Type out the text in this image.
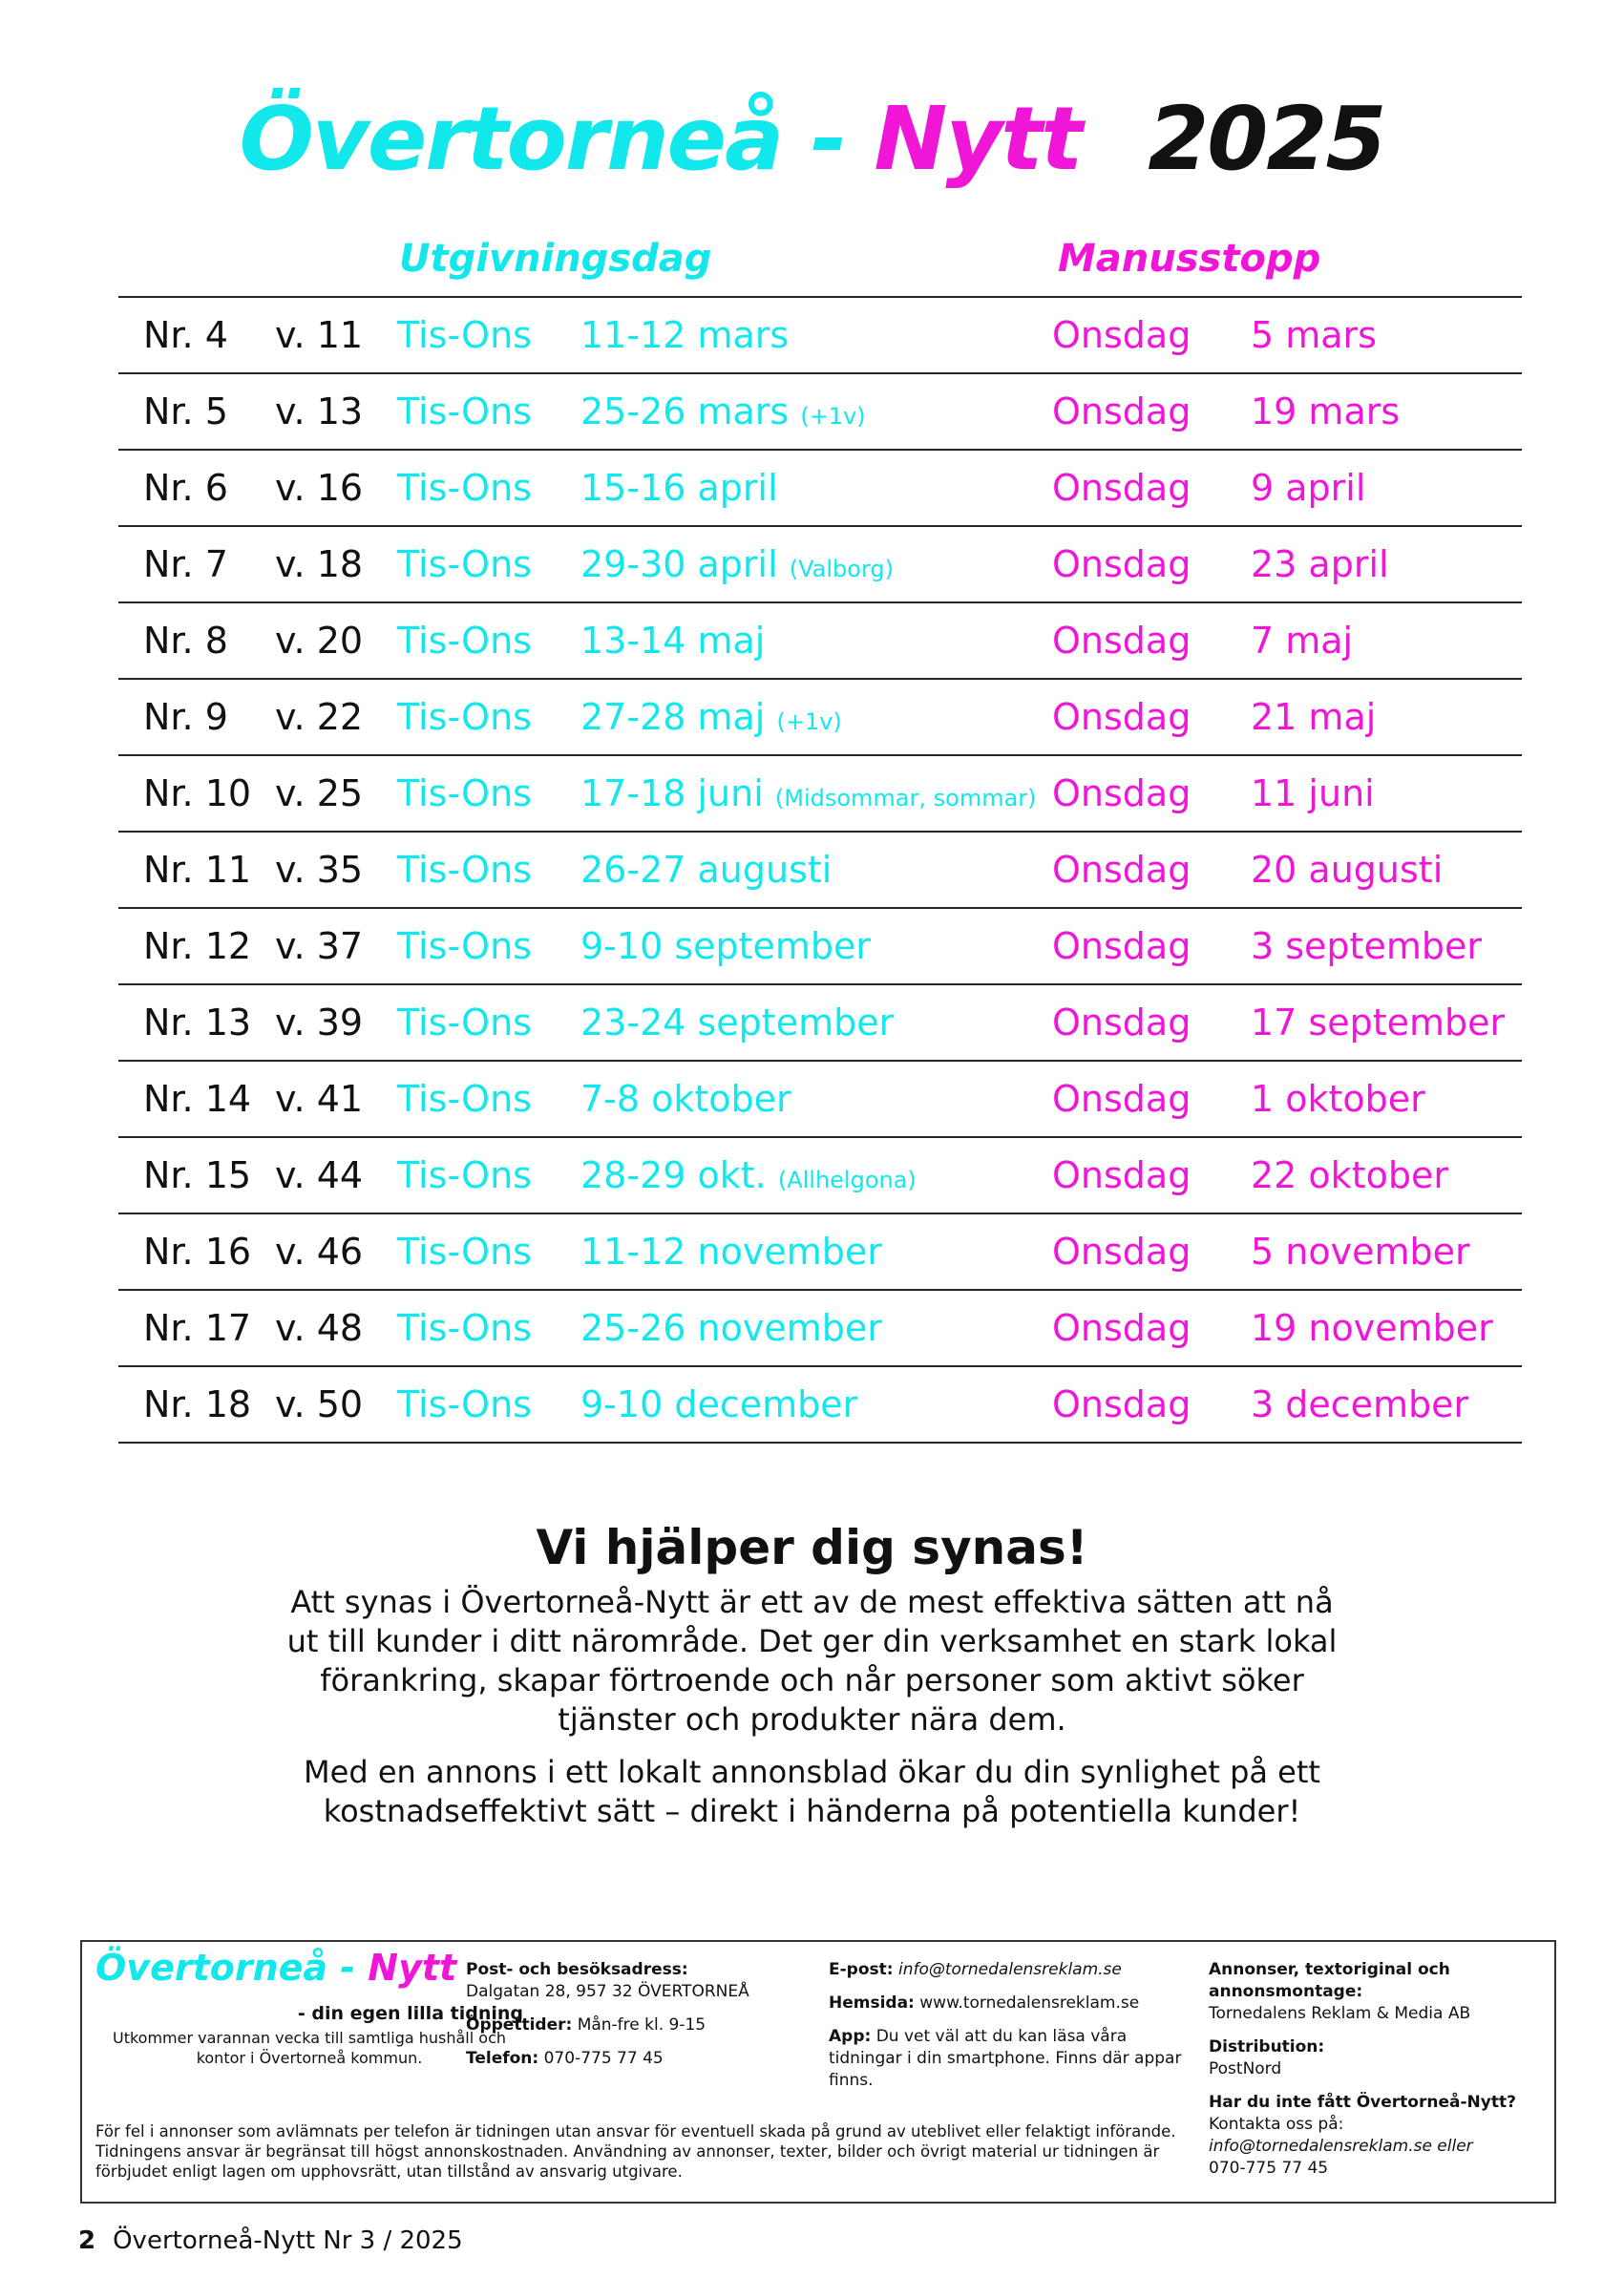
Övertorneå - Nytt 2025
Utgivningsdag	Manusstopp
Nr. 4 v. 11 Tis-Ons 11-12 mars	Onsdag 5 mars
Nr. 5 v. 13 Tis-Ons 25-26 mars (+1v)	Onsdag 19 mars
Nr. 6 v. 16 Tis-Ons 15-16 april	Onsdag 9 april
Nr. 7 v. 18 Tis-Ons 29-30 april (Valborg)	Onsdag 23 april
Nr. 8 v. 20 Tis-Ons 13-14 maj	Onsdag 7 maj
Nr. 9 v. 22 Tis-Ons 27-28 maj (+1v)	Onsdag 21 maj
Nr. 10 v. 25 Tis-Ons 17-18 juni (Midsommar, sommar) Onsdag 11 juni
Nr. 11 v. 35 Tis-Ons 26-27 augusti	Onsdag 20 augusti
Nr. 12 v. 37 Tis-Ons 9-10 september	Onsdag 3 september
Nr. 13 v. 39 Tis-Ons 23-24 september	Onsdag 17 september
Nr. 14 v. 41 Tis-Ons 7-8 oktober	Onsdag 1 oktober
Nr. 15 v. 44 Tis-Ons 28-29 okt. (Allhelgona)	Onsdag 22 oktober
Nr. 16 v. 46 Tis-Ons 11-12 november	Onsdag 5 november
Nr. 17 v. 48 Tis-Ons 25-26 november	Onsdag 19 november
Nr. 18 v. 50 Tis-Ons 9-10 december	Onsdag 3 december
Vi hjälper dig synas!

Att synas i Övertorneå-Nytt är ett av de mest effektiva sätten att nå ut till kunder i ditt närområde. Det ger din verksamhet en stark lokal förankring, skapar förtroende och når personer som aktivt söker tjänster och produkter nära dem.

Med en annons i ett lokalt annonsblad ökar du din synlighet på ett kostnadseffektivt sätt – direkt i händerna på potentiella kunder!

Övertorneå - Nytt
- din egen lilla tidning
Utkommer varannan vecka till samtliga hushåll och kontor i Övertorneå kommun.
Post- och besöksadress:
Dalgatan 28, 957 32 ÖVERTORNEÅ
Öppettider: Mån-fre kl. 9-15
Telefon: 070-775 77 45
E-post: info@tornedalensreklam.se
Hemsida: www.tornedalensreklam.se
App: Du vet väl att du kan läsa våra tidningar i din smartphone. Finns där appar finns.
Annonser, textoriginal och annonsmontage:
Tornedalens Reklam & Media AB
Distribution:
PostNord
Har du inte fått Övertorneå-Nytt?
Kontakta oss på:
info@tornedalensreklam.se eller
070-775 77 45
För fel i annonser som avlämnats per telefon är tidningen utan ansvar för eventuell skada på grund av uteblivet eller felaktigt införande. Tidningens ansvar är begränsat till högst annonskostnaden. Användning av annonser, texter, bilder och övrigt material ur tidningen är förbjudet enligt lagen om upphovsrätt, utan tillstånd av ansvarig utgivare.
2 Övertorneå-Nytt Nr 3 / 2025
